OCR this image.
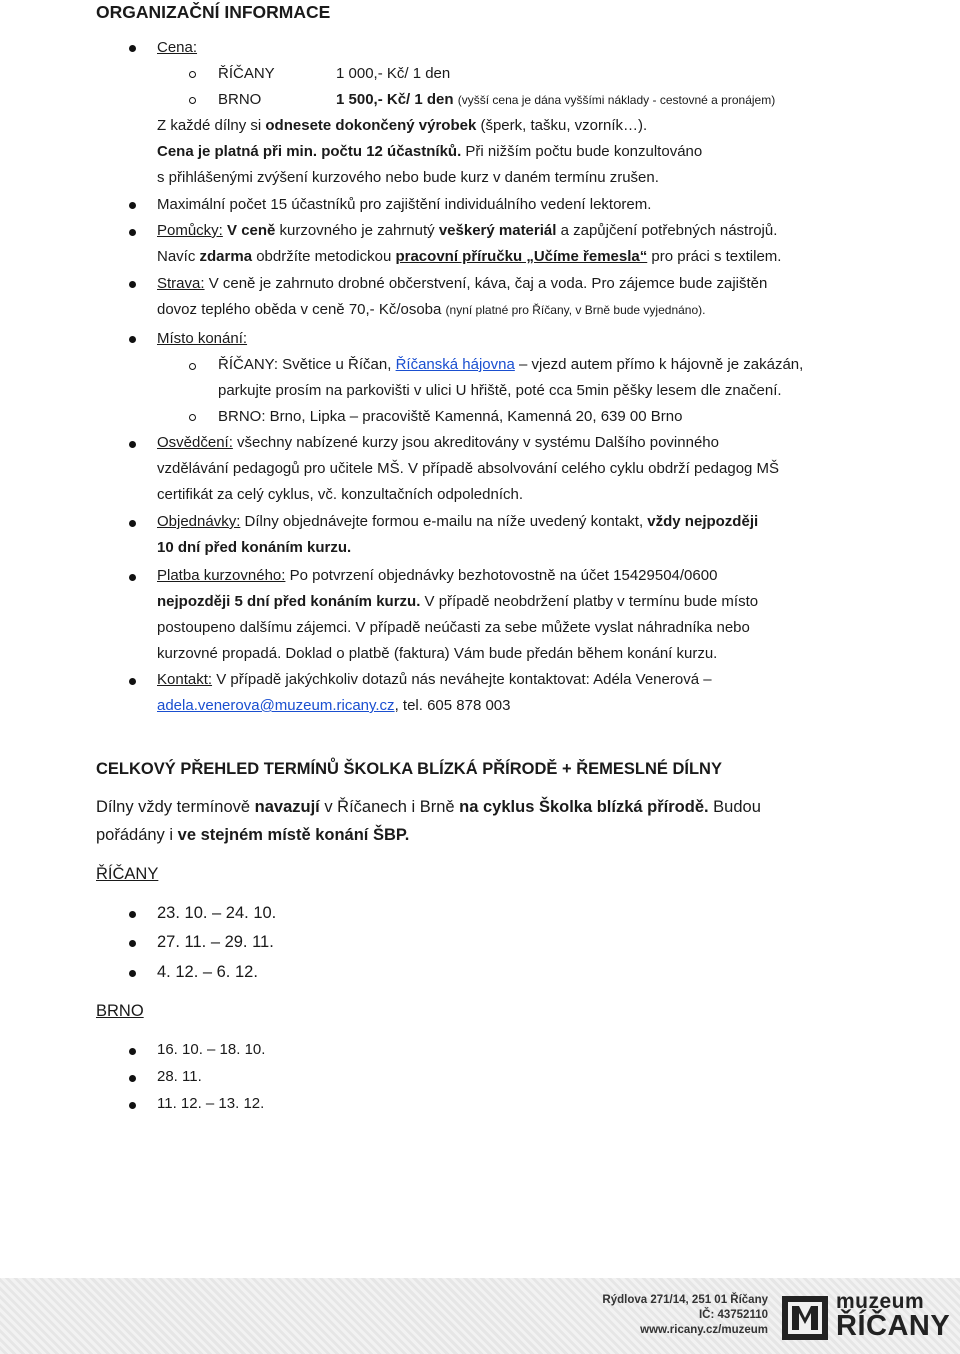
ORGANIZAČNÍ INFORMACE
Cena:
ŘÍČANY	1 000,- Kč/ 1 den
BRNO	1 500,- Kč/ 1 den (vyšší cena je dána vyššími náklady - cestovné a pronájem)
Z každé dílny si odnesete dokončený výrobek (šperk, tašku, vzorník…).
Cena je platná při min. počtu 12 účastníků. Při nižším počtu bude konzultováno
s přihlášenými zvýšení kurzového nebo bude kurz v daném termínu zrušen.
Maximální počet 15 účastníků pro zajištění individuálního vedení lektorem.
Pomůcky: V ceně kurzovného je zahrnutý veškerý materiál a zapůjčení potřebných nástrojů.
Navíc zdarma obdržíte metodickou pracovní příručku „Učíme řemesla“ pro práci s textilem.
Strava: V ceně je zahrnuto drobné občerstvení, káva, čaj a voda. Pro zájemce bude zajištěn
dovoz teplého oběda v ceně 70,- Kč/osoba (nyní platné pro Říčany, v Brně bude vyjednáno).
Místo konání:
ŘÍČANY: Světice u Říčan, Říčanská hájovna – vjezd autem přímo k hájovně je zakázán,
parkujte prosím na parkovišti v ulici U hřiště, poté cca 5min pěšky lesem dle značení.
BRNO: Brno, Lipka – pracoviště Kamenná, Kamenná 20, 639 00 Brno
Osvědčení: všechny nabízené kurzy jsou akreditovány v systému Dalšího povinného
vzdělávání pedagogů pro učitele MŠ. V případě absolvování celého cyklu obdrží pedagog MŠ
certifikát za celý cyklus, vč. konzultačních odpoledních.
Objednávky: Dílny objednávejte formou e-mailu na níže uvedený kontakt, vždy nejpozději
10 dní před konáním kurzu.
Platba kurzovného: Po potvrzení objednávky bezhotovostně na účet 15429504/0600
nejpozději 5 dní před konáním kurzu. V případě neobdržení platby v termínu bude místo
postoupeno dalšímu zájemci. V případě neúčasti za sebe můžete vyslat náhradníka nebo
kurzovné propadá. Doklad o platbě (faktura) Vám bude předán během konání kurzu.
Kontakt: V případě jakýchkoliv dotazů nás neváhejte kontaktovat: Adéla Venerová –
adela.venerova@muzeum.ricany.cz, tel. 605 878 003
CELKOVÝ PŘEHLED TERMÍNŮ ŠKOLKA BLÍZKÁ PŘÍRODĚ + ŘEMESLNÉ DÍLNY
Dílny vždy termínově navazují v Říčanech i Brně na cyklus Školka blízká přírodě. Budou
pořádány i ve stejném místě konání ŠBP.
ŘÍČANY
23. 10. – 24. 10.
27. 11. – 29. 11.
4. 12. – 6. 12.
BRNO
16. 10. – 18. 10.
28. 11.
11. 12. – 13. 12.
Rýdlova 271/14, 251 01 Říčany
IČ: 43752110
www.ricany.cz/muzeum
muzeum
ŘÍČANY
